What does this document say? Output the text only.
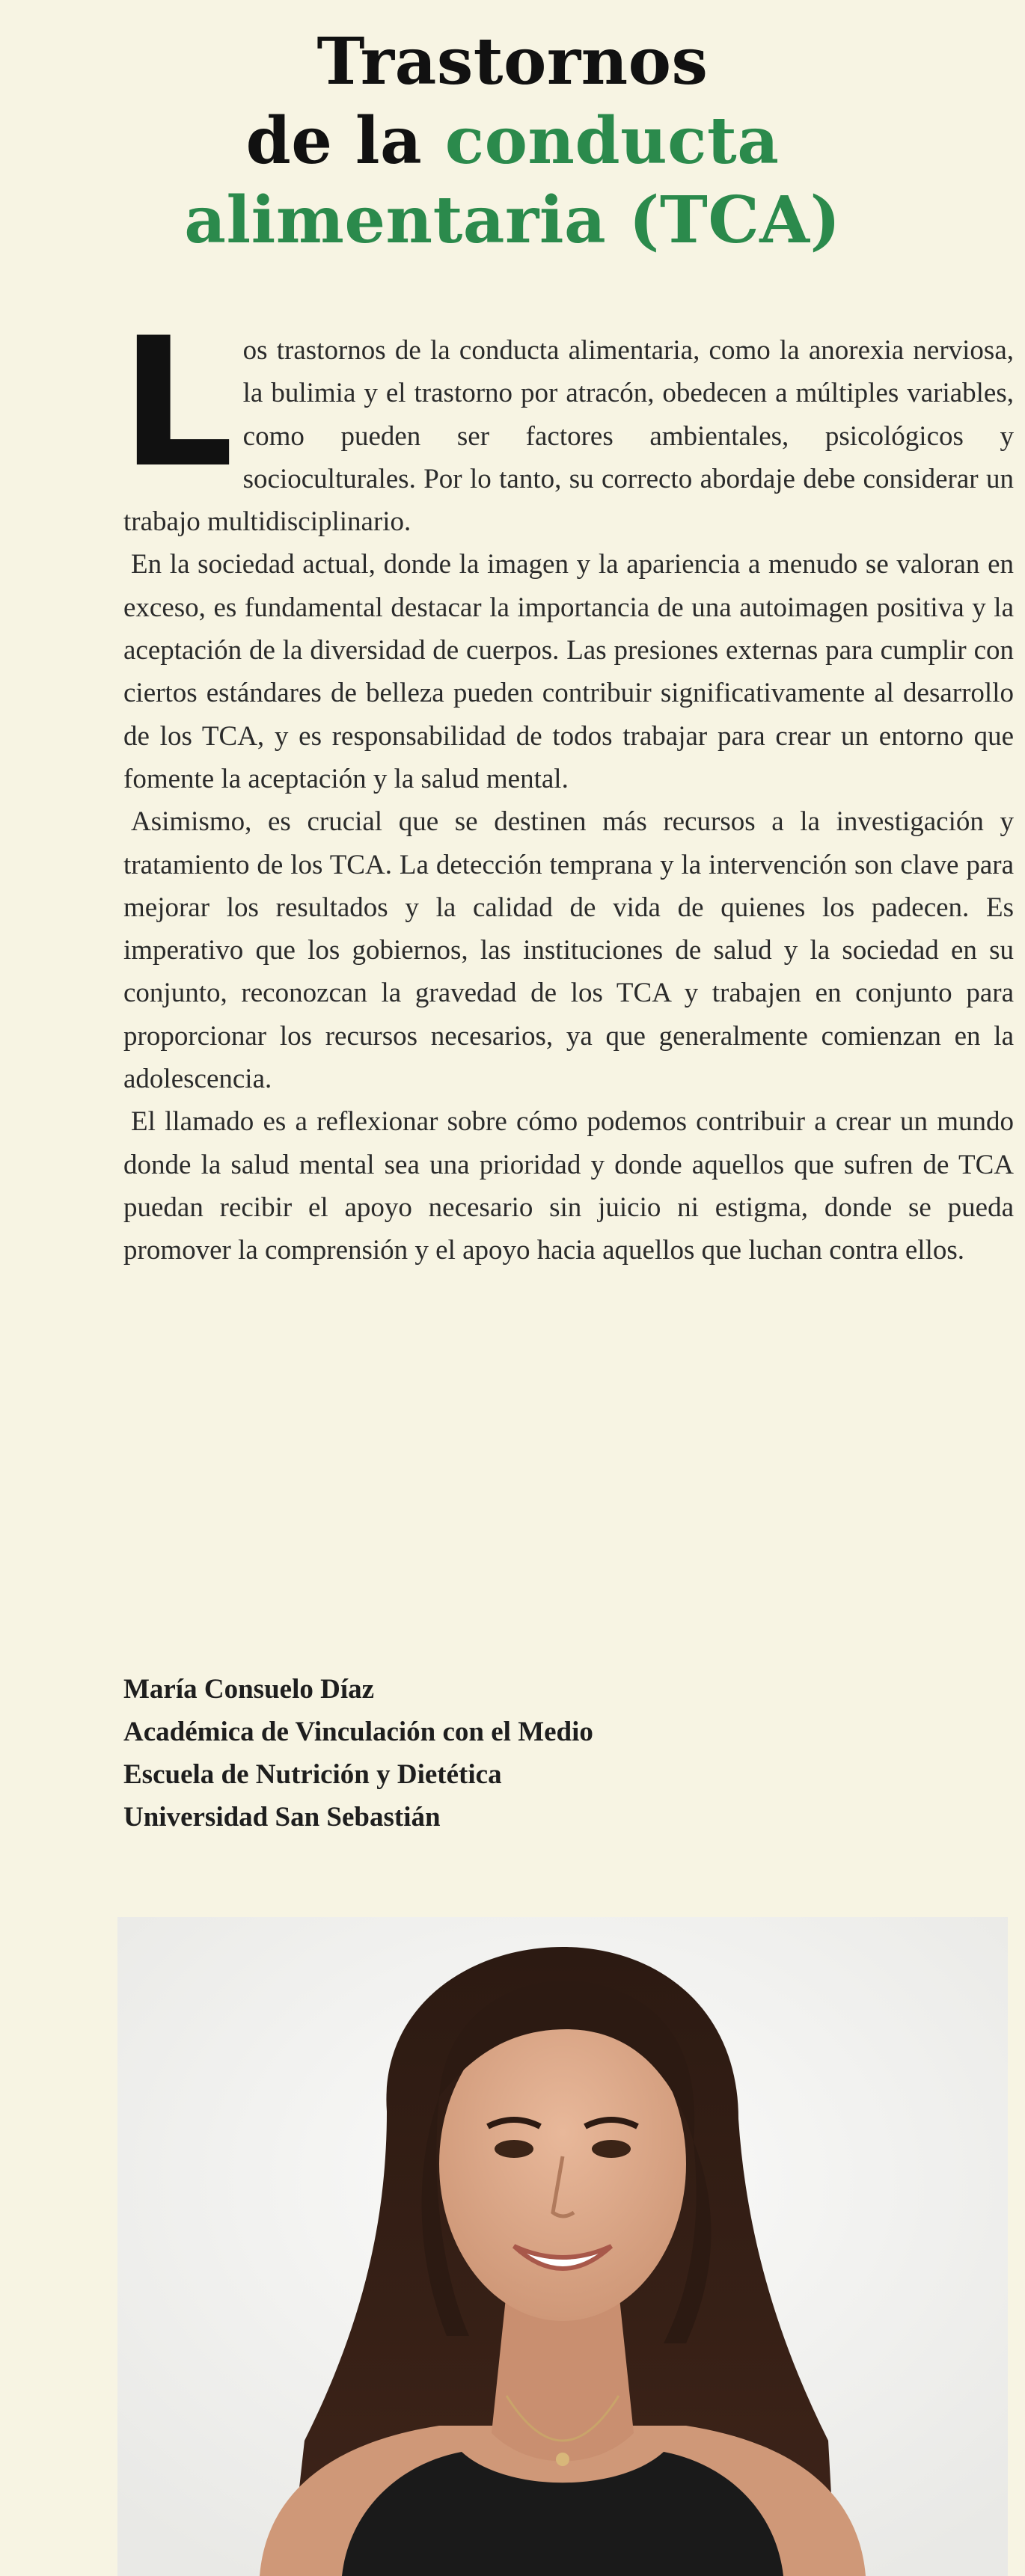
Trastornos
de la conducta
alimentaria (TCA)

Los trastornos de la conducta alimentaria, como la anorexia nerviosa, la bulimia y el trastorno por atracón, obedecen a múltiples variables, como pueden ser factores ambientales, psicológicos y socioculturales. Por lo tanto, su correcto abordaje debe considerar un trabajo multidisciplinario.

En la sociedad actual, donde la imagen y la apariencia a menudo se valoran en exceso, es fundamental destacar la importancia de una autoimagen positiva y la aceptación de la diversidad de cuerpos. Las presiones externas para cumplir con ciertos estándares de belleza pueden contribuir significativamente al desarrollo de los TCA, y es responsabilidad de todos trabajar para crear un entorno que fomente la aceptación y la salud mental.

Asimismo, es crucial que se destinen más recursos a la investigación y tratamiento de los TCA. La detección temprana y la intervención son clave para mejorar los resultados y la calidad de vida de quienes los padecen. Es imperativo que los gobiernos, las instituciones de salud y la sociedad en su conjunto, reconozcan la gravedad de los TCA y trabajen en conjunto para proporcionar los recursos necesarios, ya que generalmente comienzan en la adolescencia.

El llamado es a reflexionar sobre cómo podemos contribuir a crear un mundo donde la salud mental sea una prioridad y donde aquellos que sufren de TCA puedan recibir el apoyo necesario sin juicio ni estigma, donde se pueda promover la comprensión y el apoyo hacia aquellos que luchan contra ellos.

María Consuelo Díaz
Académica de Vinculación con el Medio
Escuela de Nutrición y Dietética
Universidad San Sebastián
